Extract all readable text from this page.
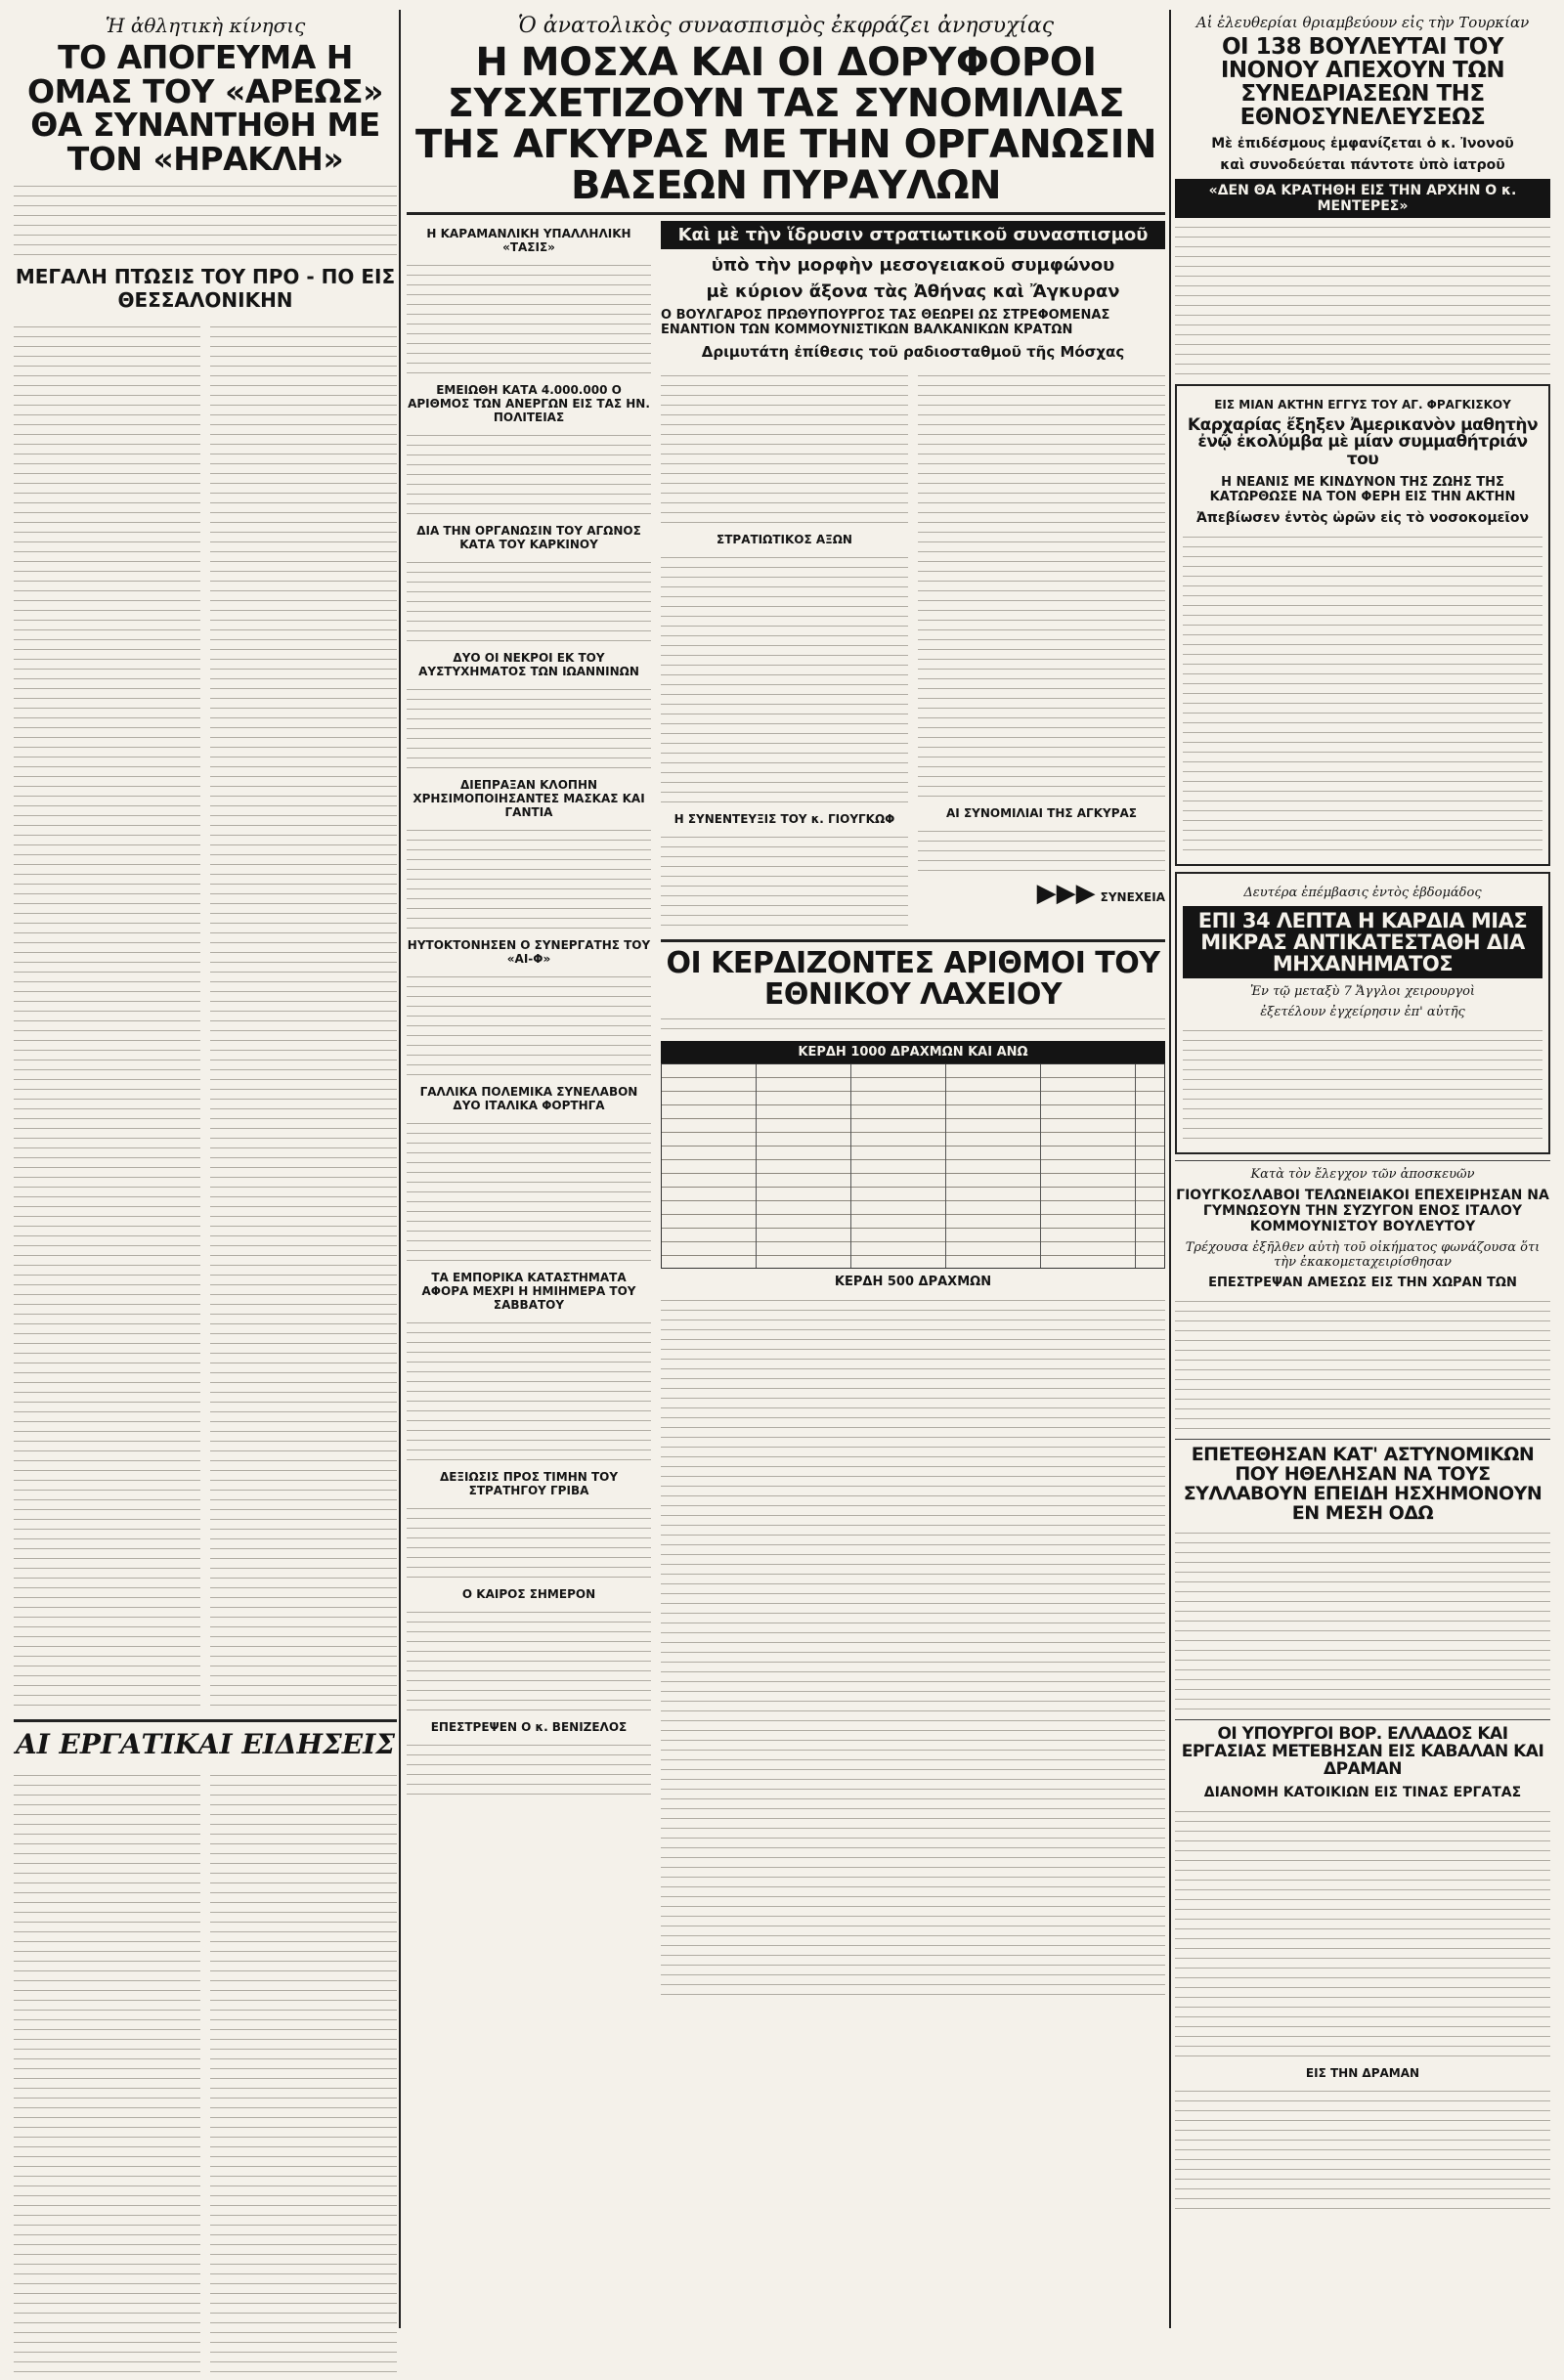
Ἡ ἀθλητικὴ κίνησις
ΤΟ ΑΠΟΓΕΥΜΑ Η ΟΜΑΣ ΤΟΥ «ΑΡΕΩΣ» ΘΑ ΣΥΝΑΝΤΗΘΗ ΜΕ ΤΟΝ «ΗΡΑΚΛΗ»
ΜΕΓΑΛΗ ΠΤΩΣΙΣ ΤΟΥ ΠΡΟ - ΠΟ ΕΙΣ ΘΕΣΣΑΛΟΝΙΚΗΝ
ΑΙ ΕΡΓΑΤΙΚΑΙ ΕΙΔΗΣΕΙΣ
Ὁ ἀνατολικὸς συνασπισμὸς ἐκφράζει ἀνησυχίας
Η ΜΟΣΧΑ ΚΑΙ ΟΙ ΔΟΡΥΦΟΡΟΙ ΣΥΣΧΕΤΙΖΟΥΝ ΤΑΣ ΣΥΝΟΜΙΛΙΑΣ ΤΗΣ ΑΓΚΥΡΑΣ ΜΕ ΤΗΝ ΟΡΓΑΝΩΣΙΝ ΒΑΣΕΩΝ ΠΥΡΑΥΛΩΝ
Η ΚΑΡΑΜΑΝΛΙΚΗ ΥΠΑΛΛΗΛΙΚΗ «ΤΑΣΙΣ»
ΕΜΕΙΩΘΗ ΚΑΤΑ 4.000.000 Ο ΑΡΙΘΜΟΣ ΤΩΝ ΑΝΕΡΓΩΝ ΕΙΣ ΤΑΣ ΗΝ. ΠΟΛΙΤΕΙΑΣ
ΔΙΑ ΤΗΝ ΟΡΓΑΝΩΣΙΝ ΤΟΥ ΑΓΩΝΟΣ ΚΑΤΑ ΤΟΥ ΚΑΡΚΙΝΟΥ
ΔΥΟ ΟΙ ΝΕΚΡΟΙ ΕΚ ΤΟΥ ΑΥΣΤΥΧΗΜΑΤΟΣ ΤΩΝ ΙΩΑΝΝΙΝΩΝ
ΔΙΕΠΡΑΞΑΝ ΚΛΟΠΗΝ ΧΡΗΣΙΜΟΠΟΙΗΣΑΝΤΕΣ ΜΑΣΚΑΣ ΚΑΙ ΓΑΝΤΙΑ
ΗΥΤΟΚΤΟΝΗΣΕΝ Ο ΣΥΝΕΡΓΑΤΗΣ ΤΟΥ «ΑΙ-Φ»
ΓΑΛΛΙΚΑ ΠΟΛΕΜΙΚΑ ΣΥΝΕΛΑΒΟΝ ΔΥΟ ΙΤΑΛΙΚΑ ΦΟΡΤΗΓΑ
ΤΑ ΕΜΠΟΡΙΚΑ ΚΑΤΑΣΤΗΜΑΤΑ ΑΦΟΡΑ ΜΕΧΡΙ Η ΗΜΙΗΜΕΡΑ ΤΟΥ ΣΑΒΒΑΤΟΥ
ΔΕΞΙΩΣΙΣ ΠΡΟΣ ΤΙΜΗΝ ΤΟΥ ΣΤΡΑΤΗΓΟΥ ΓΡΙΒΑ
Ο ΚΑΙΡΟΣ ΣΗΜΕΡΟΝ
ΕΠΕΣΤΡΕΨΕΝ Ο κ. ΒΕΝΙΖΕΛΟΣ
Καὶ μὲ τὴν ἵδρυσιν στρατιωτικοῦ συνασπισμοῦ
ὑπὸ τὴν μορφὴν μεσογειακοῦ συμφώνου
μὲ κύριον ἄξονα τὰς Ἀθήνας καὶ Ἄγκυραν
Ο ΒΟΥΛΓΑΡΟΣ ΠΡΩΘΥΠΟΥΡΓΟΣ ΤΑΣ ΘΕΩΡΕΙ ΩΣ ΣΤΡΕΦΟΜΕΝΑΣ ΕΝΑΝΤΙΟΝ ΤΩΝ ΚΟΜΜΟΥΝΙΣΤΙΚΩΝ ΒΑΛΚΑΝΙΚΩΝ ΚΡΑΤΩΝ
Δριμυτάτη ἐπίθεσις τοῦ ραδιοσταθμοῦ τῆς Μόσχας
ΣΤΡΑΤΙΩΤΙΚΟΣ ΑΞΩΝ
Η ΣΥΝΕΝΤΕΥΞΙΣ ΤΟΥ κ. ΓΙΟΥΓΚΩΦ	ΑΙ ΣΥΝΟΜΙΛΙΑΙ ΤΗΣ ΑΓΚΥΡΑΣ
▶▶▶ ΣΥΝΕΧΕΙΑ
ΟΙ ΚΕΡΔΙΖΟΝΤΕΣ ΑΡΙΘΜΟΙ ΤΟΥ ΕΘΝΙΚΟΥ ΛΑΧΕΙΟΥ
ΚΕΡΔΗ 1000 ΔΡΑΧΜΩΝ ΚΑΙ ΑΝΩ
ΚΕΡΔΗ 500 ΔΡΑΧΜΩΝ
Αἱ ἐλευθερίαι θριαμβεύουν εἰς τὴν Τουρκίαν
ΟΙ 138 ΒΟΥΛΕΥΤΑΙ ΤΟΥ ΙΝΟΝΟΥ ΑΠΕΧΟΥΝ ΤΩΝ ΣΥΝΕΔΡΙΑΣΕΩΝ ΤΗΣ ΕΘΝΟΣΥΝΕΛΕΥΣΕΩΣ
Μὲ ἐπιδέσμους ἐμφανίζεται ὁ κ. Ἰνονοῦ
καὶ συνοδεύεται πάντοτε ὑπὸ ἰατροῦ
«ΔΕΝ ΘΑ ΚΡΑΤΗΘΗ ΕΙΣ ΤΗΝ ΑΡΧΗΝ Ο κ. ΜΕΝΤΕΡΕΣ»
ΕΙΣ ΜΙΑΝ ΑΚΤΗΝ ΕΓΓΥΣ ΤΟΥ ΑΓ. ΦΡΑΓΚΙΣΚΟΥ
Καρχαρίας ἔξηξεν Ἀμερικανὸν μαθητὴν ἐνῷ ἐκολύμβα μὲ μίαν συμμαθήτριάν του
Η ΝΕΑΝΙΣ ΜΕ ΚΙΝΔΥΝΟΝ ΤΗΣ ΖΩΗΣ ΤΗΣ ΚΑΤΩΡΘΩΣΕ ΝΑ ΤΟΝ ΦΕΡΗ ΕΙΣ ΤΗΝ ΑΚΤΗΝ
Ἀπεβίωσεν ἐντὸς ὡρῶν εἰς τὸ νοσοκομεῖον
Δευτέρα ἐπέμβασις ἐντὸς ἑβδομάδος
ΕΠΙ 34 ΛΕΠΤΑ Η ΚΑΡΔΙΑ ΜΙΑΣ ΜΙΚΡΑΣ ΑΝΤΙΚΑΤΕΣΤΑΘΗ ΔΙΑ ΜΗΧΑΝΗΜΑΤΟΣ
Ἐν τῷ μεταξὺ 7 Ἄγγλοι χειρουργοὶ
ἐξετέλουν ἐγχείρησιν ἐπ' αὐτῆς
Κατὰ τὸν ἔλεγχον τῶν ἀποσκευῶν
ΓΙΟΥΓΚΟΣΛΑΒΟΙ ΤΕΛΩΝΕΙΑΚΟΙ ΕΠΕΧΕΙΡΗΣΑΝ ΝΑ ΓΥΜΝΩΣΟΥΝ ΤΗΝ ΣΥΖΥΓΟΝ ΕΝΟΣ ΙΤΑΛΟΥ ΚΟΜΜΟΥΝΙΣΤΟΥ ΒΟΥΛΕΥΤΟΥ
Τρέχουσα ἐξῆλθεν αὐτὴ τοῦ οἰκήματος φωνάζουσα ὅτι τὴν ἐκακομεταχειρίσθησαν
ΕΠΕΣΤΡΕΨΑΝ ΑΜΕΣΩΣ ΕΙΣ ΤΗΝ ΧΩΡΑΝ ΤΩΝ
ΕΠΕΤΕΘΗΣΑΝ ΚΑΤ' ΑΣΤΥΝΟΜΙΚΩΝ ΠΟΥ ΗΘΕΛΗΣΑΝ ΝΑ ΤΟΥΣ ΣΥΛΛΑΒΟΥΝ ΕΠΕΙΔΗ ΗΣΧΗΜΟΝΟΥΝ ΕΝ ΜΕΣΗ ΟΔΩ
ΟΙ ΥΠΟΥΡΓΟΙ ΒΟΡ. ΕΛΛΑΔΟΣ ΚΑΙ ΕΡΓΑΣΙΑΣ ΜΕΤΕΒΗΣΑΝ ΕΙΣ ΚΑΒΑΛΑΝ ΚΑΙ ΔΡΑΜΑΝ
ΔΙΑΝΟΜΗ ΚΑΤΟΙΚΙΩΝ ΕΙΣ ΤΙΝΑΣ ΕΡΓΑΤΑΣ
ΕΙΣ ΤΗΝ ΔΡΑΜΑΝ
